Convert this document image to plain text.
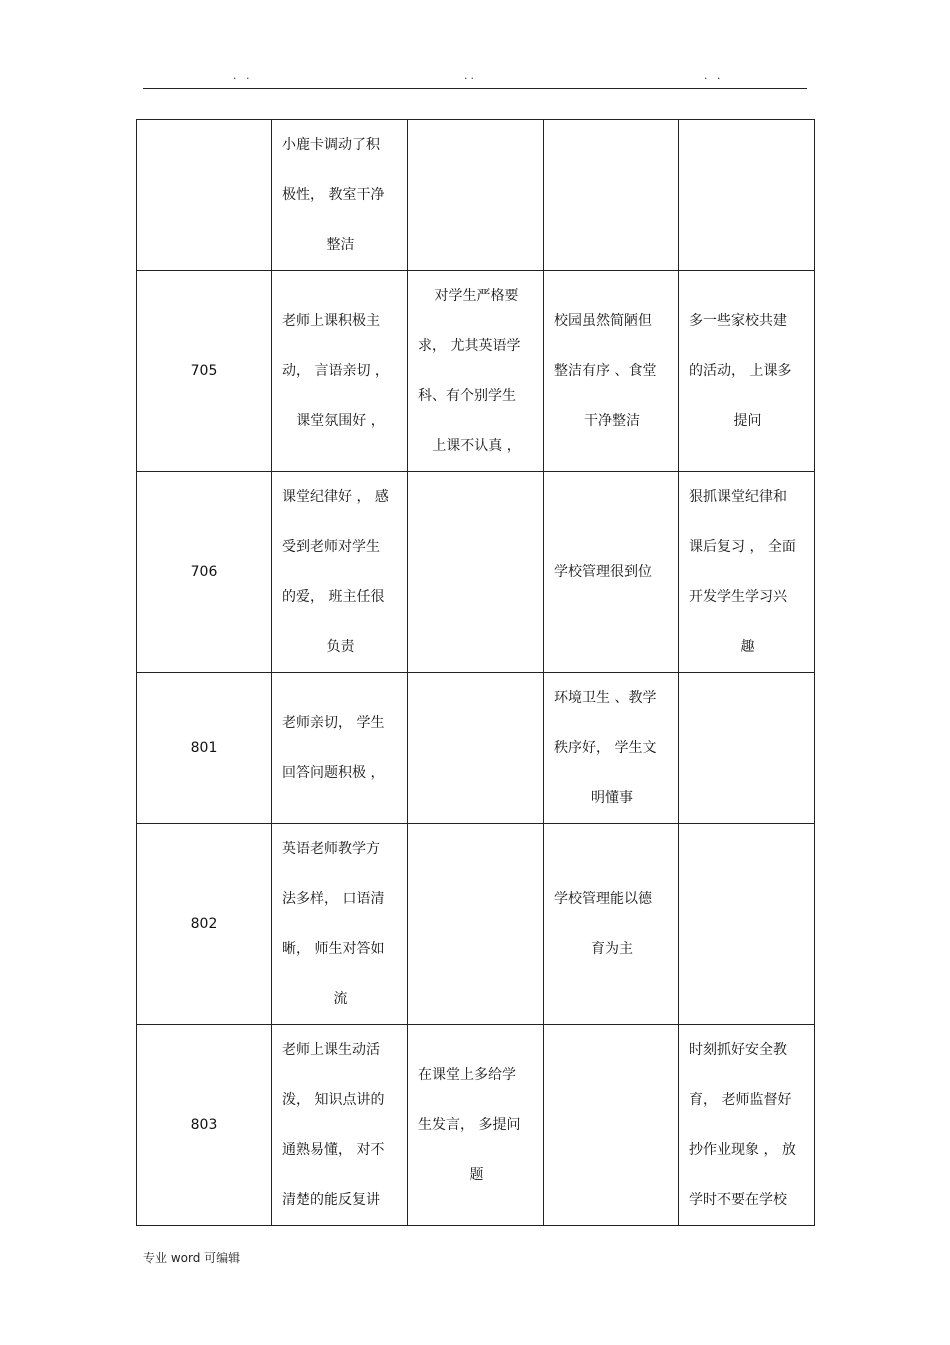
. .	..	. .

	小鹿卡调动了积
极性， 教室干净
整洁			

705	老师上课积极主
动， 言语亲切 ，
课堂氛围好 ，	对学生严格要
求， 尤其英语学
科、有个别学生
上课不认真 ，	校园虽然简陋但
整洁有序 、食堂
干净整洁	多一些家校共建
的活动， 上课多
提问

706	课堂纪律好 ， 感
受到老师对学生
的爱， 班主任很
负责		学校管理很到位	狠抓课堂纪律和
课后复习 ， 全面
开发学生学习兴
趣

801	老师亲切， 学生
回答问题积极 ，		环境卫生 、教学
秩序好， 学生文
明懂事	

802	英语老师教学方
法多样， 口语清
晰， 师生对答如
流		学校管理能以德
育为主	

803	老师上课生动活
泼， 知识点讲的
通熟易懂， 对不
清楚的能反复讲	在课堂上多给学
生发言， 多提问
题		时刻抓好安全教
育， 老师监督好
抄作业现象 ， 放
学时不要在学校
专业 word 可编辑
